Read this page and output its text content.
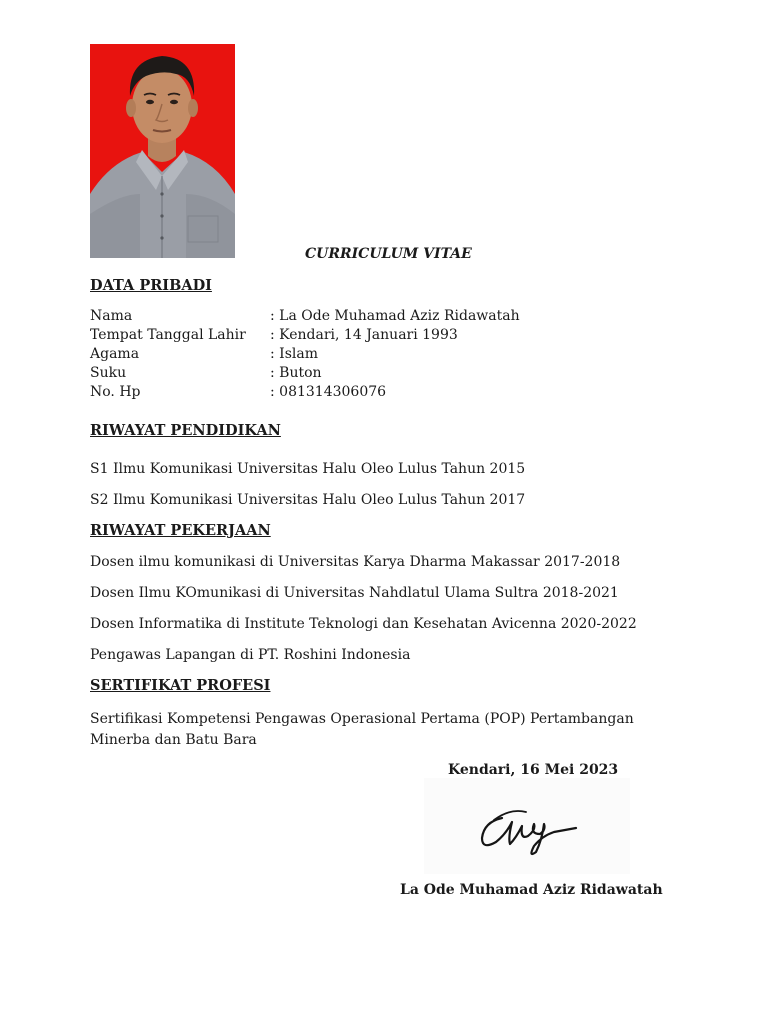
CURRICULUM VITAE
DATA PRIBADI
Nama	: La Ode Muhamad Aziz Ridawatah
Tempat Tanggal Lahir : Kendari, 14 Januari 1993
Agama	: Islam
Suku	: Buton
No. Hp	: 081314306076
RIWAYAT PENDIDIKAN
S1 Ilmu Komunikasi Universitas Halu Oleo Lulus Tahun 2015
S2 Ilmu Komunikasi Universitas Halu Oleo Lulus Tahun 2017
RIWAYAT PEKERJAAN
Dosen ilmu komunikasi di Universitas Karya Dharma Makassar 2017-2018
Dosen Ilmu KOmunikasi di Universitas Nahdlatul Ulama Sultra 2018-2021
Dosen Informatika di Institute Teknologi dan Kesehatan Avicenna 2020-2022
Pengawas Lapangan di PT. Roshini Indonesia
SERTIFIKAT PROFESI
Sertifikasi Kompetensi Pengawas Operasional Pertama (POP) Pertambangan Minerba dan Batu Bara
Kendari, 16 Mei 2023
La Ode Muhamad Aziz Ridawatah
